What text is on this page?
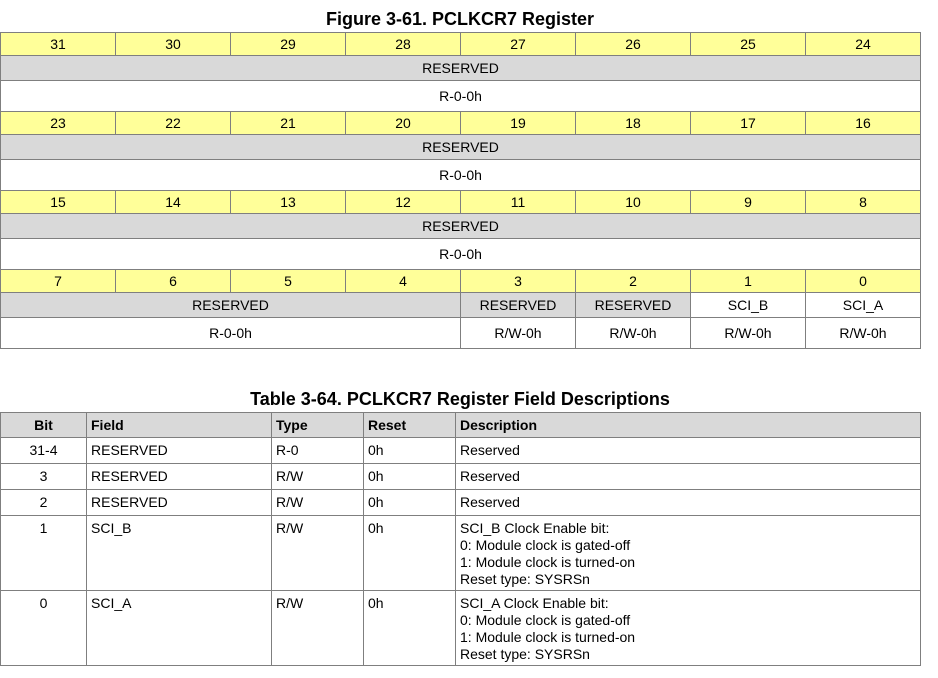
Figure 3-61. PCLKCR7 Register
31	30	29	28	27	26	25	24
RESERVED							
R-0-0h							
23	22	21	20	19	18	17	16
RESERVED							
R-0-0h							
15	14	13	12	11	10	9	8
RESERVED							
R-0-0h							
7	6	5	4	3	2	1	0
RESERVED				RESERVED	RESERVED	SCI_B	SCI_A
R-0-0h				R/W-0h	R/W-0h	R/W-0h	R/W-0h
Table 3-64. PCLKCR7 Register Field Descriptions
Bit	Field	Type	Reset	Description
31-4	RESERVED	R-0	0h	Reserved

3	RESERVED	R/W	0h	Reserved

2	RESERVED	R/W	0h	Reserved

1	SCI_B	R/W	0h	SCI_B Clock Enable bit:
0: Module clock is gated-off
1: Module clock is turned-on
Reset type: SYSRSn

0	SCI_A	R/W	0h	SCI_A Clock Enable bit:
0: Module clock is gated-off
1: Module clock is turned-on
Reset type: SYSRSn
